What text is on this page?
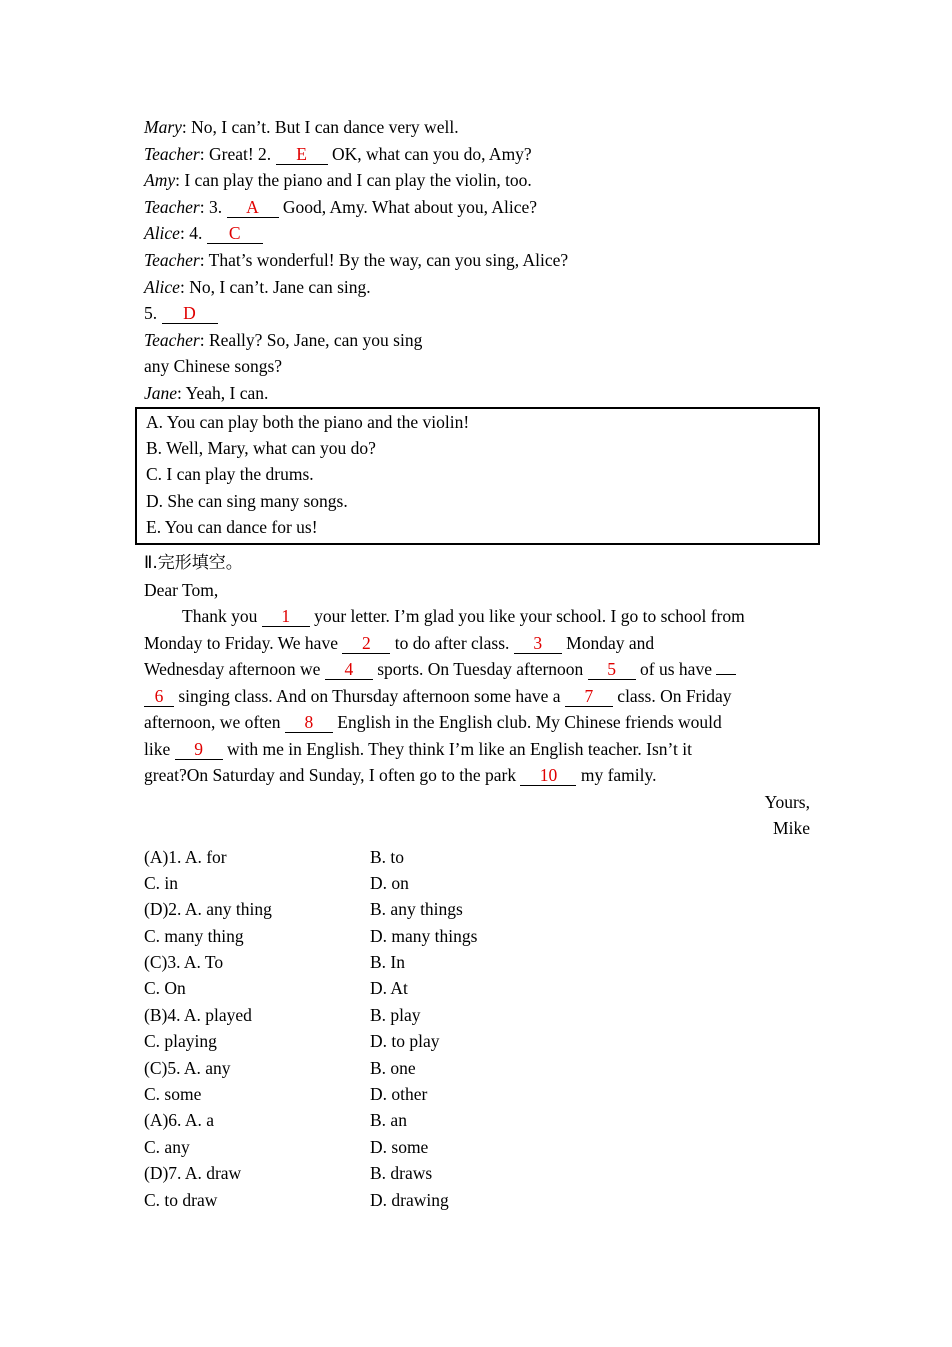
Mary: No, I can’t. But I can dance very well.
Teacher: Great! 2. E OK, what can you do, Amy?
Amy: I can play the piano and I can play the violin, too.
Teacher: 3. A Good, Amy. What about you, Alice?
Alice: 4. C
Teacher: That’s wonderful! By the way, can you sing, Alice?
Alice: No, I can’t. Jane can sing.
5. D
Teacher: Really? So, Jane, can you sing
any Chinese songs?
Jane: Yeah, I can.
A. You can play both the piano and the violin!
B. Well, Mary, what can you do?
C. I can play the drums.
D. She can sing many songs.
E. You can dance for us!
Ⅱ.完形填空。
Dear Tom,
Thank you 1 your letter. I’m glad you like your school. I go to school from
Monday to Friday. We have 2 to do after class. 3 Monday and
Wednesday afternoon we 4 sports. On Tuesday afternoon 5 of us have
6 singing class. And on Thursday afternoon some have a 7 class. On Friday
afternoon, we often 8 English in the English club. My Chinese friends would
like 9 with me in English. They think I’m like an English teacher. Isn’t it
great?On Saturday and Sunday, I often go to the park 10 my family.
Yours,
Mike
(A)1. A. for	B. to
C. in	D. on
(D)2. A. any thing	B. any things
C. many thing	D. many things
(C)3. A. To	B. In
C. On	D. At
(B)4. A. played	B. play
C. playing	D. to play
(C)5. A. any	B. one
C. some	D. other
(A)6. A. a	B. an
C. any	D. some
(D)7. A. draw	B. draws
C. to draw	D. drawing
